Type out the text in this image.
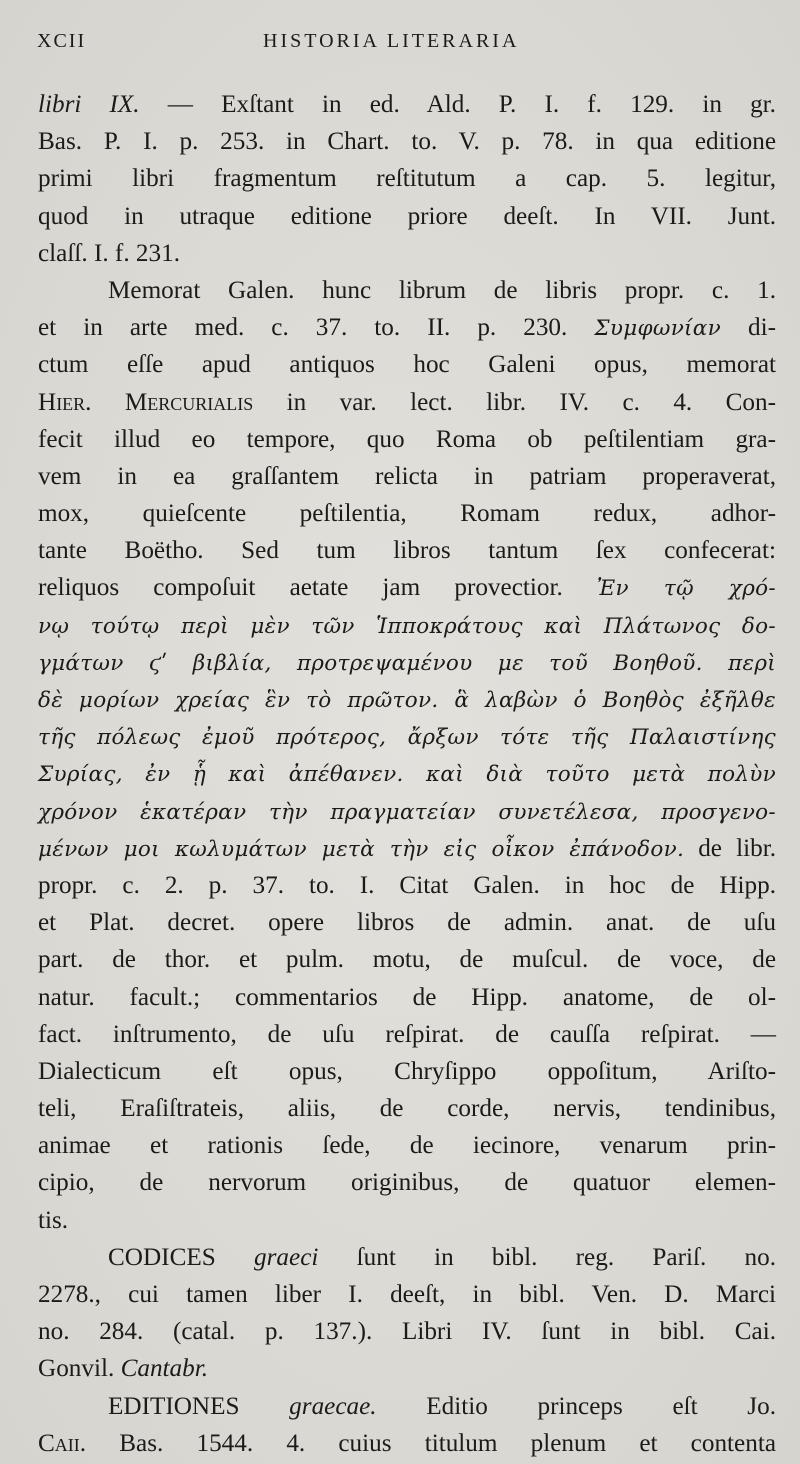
XCII	HISTORIA LITERARIA
libri IX. — Exſtant in ed. Ald. P. I. f. 129. in gr.
Bas. P. I. p. 253. in Chart. to. V. p. 78. in qua editione
primi libri fragmentum reſtitutum a cap. 5. legitur,
quod in utraque editione priore deeſt. In VII. Junt.
claſſ. I. f. 231.
Memorat Galen. hunc librum de libris propr. c. 1.
et in arte med. c. 37. to. II. p. 230. Συμφωνίαν di-
ctum eſſe apud antiquos hoc Galeni opus, memorat
Hier. Mercurialis in var. lect. libr. IV. c. 4. Con-
fecit illud eo tempore, quo Roma ob peſtilentiam gra-
vem in ea graſſantem relicta in patriam properaverat,
mox, quieſcente peſtilentia, Romam redux, adhor-
tante Boëtho. Sed tum libros tantum ſex confecerat:
reliquos compoſuit aetate jam provectior. Ἐν τῷ χρό-
νῳ τούτῳ περὶ μὲν τῶν Ἱπποκράτους καὶ Πλάτωνος δο-
γμάτων ϛʹ βιβλία, προτρεψαμένου με τοῦ Βοηθοῦ. περὶ
δὲ μορίων χρείας ἓν τὸ πρῶτον. ἃ λαβὼν ὁ Βοηθὸς ἐξῆλθε
τῆς πόλεως ἐμοῦ πρότερος, ἄρξων τότε τῆς Παλαιστίνης
Συρίας, ἐν ᾗ καὶ ἀπέθανεν. καὶ διὰ τοῦτο μετὰ πολὺν
χρόνον ἑκατέραν τὴν πραγματείαν συνετέλεσα, προσγενο-
μένων μοι κωλυμάτων μετὰ τὴν εἰς οἶκον ἐπάνοδον. de libr.
propr. c. 2. p. 37. to. I. Citat Galen. in hoc de Hipp.
et Plat. decret. opere libros de admin. anat. de uſu
part. de thor. et pulm. motu, de muſcul. de voce, de
natur. facult.; commentarios de Hipp. anatome, de ol-
fact. inſtrumento, de uſu reſpirat. de cauſſa reſpirat. —
Dialecticum eſt opus, Chryſippo oppoſitum, Ariſto-
teli, Eraſiſtrateis, aliis, de corde, nervis, tendinibus,
animae et rationis ſede, de iecinore, venarum prin-
cipio, de nervorum originibus, de quatuor elemen-
tis.
CODICES graeci ſunt in bibl. reg. Pariſ. no.
2278., cui tamen liber I. deeſt, in bibl. Ven. D. Marci
no. 284. (catal. p. 137.). Libri IV. ſunt in bibl. Cai.
Gonvil. Cantabr.
EDITIONES graecae. Editio princeps eſt Jo.
Caii. Bas. 1544. 4. cuius titulum plenum et contenta
